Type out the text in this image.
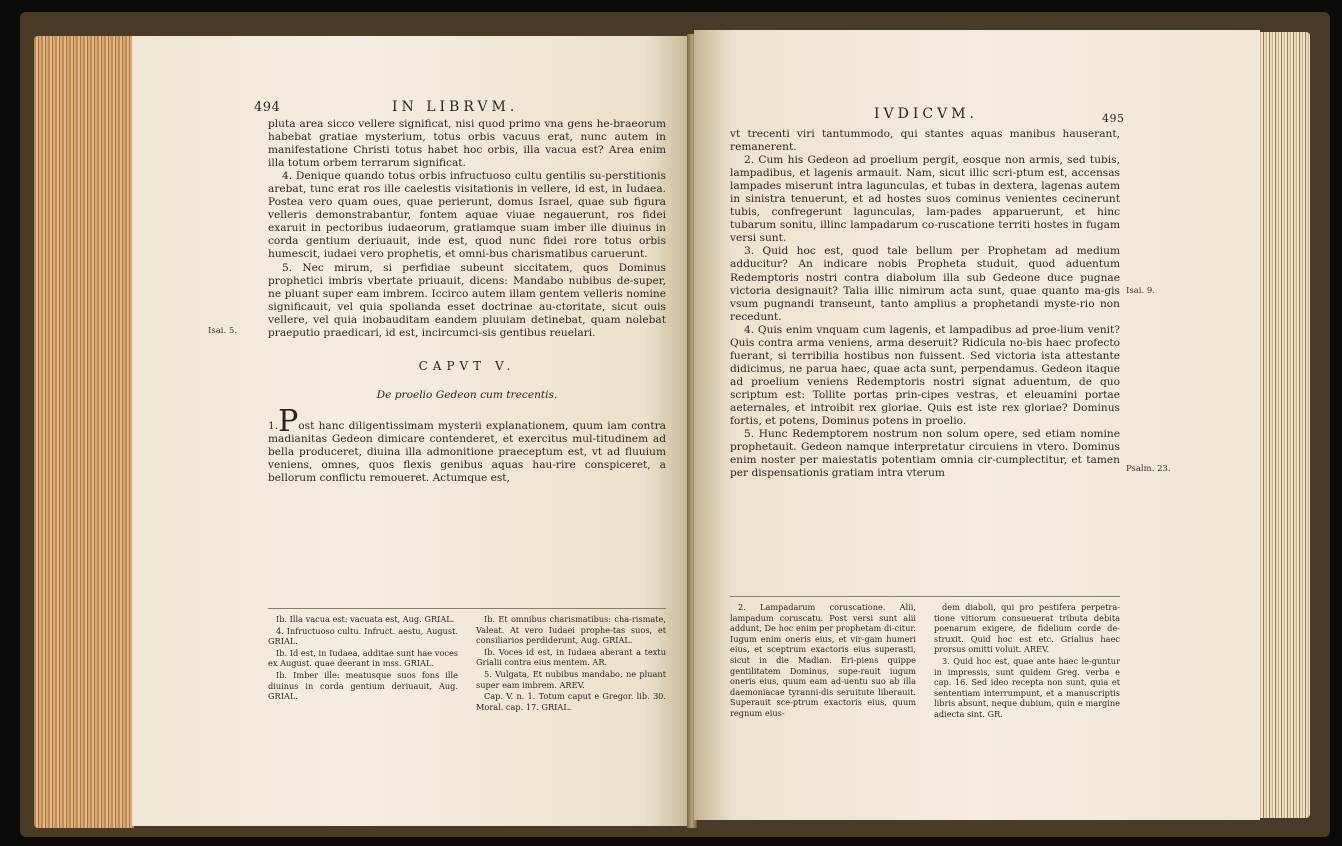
494	IN LIBRVM.

pluta area sicco vellere significat, nisi quod primo vna gens he-braeorum habebat gratiae mysterium, totus orbis vacuus erat, nunc autem in manifestatione Christi totus habet hoc orbis, illa vacua est? Area enim illa totum orbem terrarum significat.

4. Denique quando totus orbis infructuoso cultu gentilis su-perstitionis arebat, tunc erat ros ille caelestis visitationis in vellere, id est, in Iudaea. Postea vero quam oues, quae perierunt, domus Israel, quae sub figura velleris demonstrabantur, fontem aquae viuae negauerunt, ros fidei exaruit in pectoribus iudaeorum, gratiamque suam imber ille diuinus in corda gentium deriuauit, inde est, quod nunc fidei rore totus orbis humescit, iudaei vero prophetis, et omni-bus charismatibus caruerunt.

5. Nec mirum, si perfidiae subeunt siccitatem, quos Dominus prophetici imbris vbertate priuauit, dicens: Mandabo nubibus de-super, ne pluant super eam imbrem. Iccirco autem illam gentem velleris nomine significauit, vel quia spolianda esset doctrinae au-ctoritate, sicut ouis vellere, vel quia inobauditam eandem pluuiam detinebat, quam nolebat praeputio praedicari, id est, incircumci-sis gentibus reuelari.

CAPVT V.
De proelio Gedeon cum trecentis.

1.Post hanc diligentissimam mysterii explanationem, quum iam contra madianitas Gedeon dimicare contenderet, et exercitus mul-titudinem ad bella produceret, diuina illa admonitione praeceptum est, vt ad fluuium veniens, omnes, quos flexis genibus aquas hau-rire conspiceret, a bellorum conflictu remoueret. Actumque est,

Isai. 5.

Ib. Illa vacua est: vacuata est, Aug. GRIAL.

4. Infructuoso cultu. Infruct. aestu, August. GRIAL.

Ib. Id est, in Iudaea, additae sunt hae voces ex August. quae deerant in mss. GRIAL.

Ib. Imber ille: meatusque suos fons ille diuinus in corda gentium deriuauit, Aug. GRIAL.

Ib. Et omnibus charismatibus: cha-rismate, Valeat. At vero Iudaei prophe-tas suos, et consiliarios perdiderunt, Aug. GRIAL.

Ib. Voces id est, in Iudaea aberant a textu Grialii contra eius mentem. AR.

5. Vulgata, Et nubibus mandabo, ne pluant super eam imbrem. AREV.

Cap. V. n. 1. Totum caput e Gregor. lib. 30. Moral. cap. 17. GRIAL.

IVDICVM.	495

vt trecenti viri tantummodo, qui stantes aquas manibus hauserant, remanerent.

2. Cum his Gedeon ad proelium pergit, eosque non armis, sed tubis, lampadibus, et lagenis armauit. Nam, sicut illic scri-ptum est, accensas lampades miserunt intra lagunculas, et tubas in dextera, lagenas autem in sinistra tenuerunt, et ad hostes suos cominus venientes cecinerunt tubis, confregerunt lagunculas, lam-pades apparuerunt, et hinc tubarum sonitu, illinc lampadarum co-ruscatione territi hostes in fugam versi sunt.

3. Quid hoc est, quod tale bellum per Prophetam ad medium adducitur? An indicare nobis Propheta studuit, quod aduentum Redemptoris nostri contra diabolum illa sub Gedeone duce pugnae victoria designauit? Talia illic nimirum acta sunt, quae quanto ma-gis vsum pugnandi transeunt, tanto amplius a prophetandi myste-rio non recedunt.

4. Quis enim vnquam cum lagenis, et lampadibus ad proe-lium venit? Quis contra arma veniens, arma deseruit? Ridicula no-bis haec profecto fuerant, si terribilia hostibus non fuissent. Sed victoria ista attestante didicimus, ne parua haec, quae acta sunt, perpendamus. Gedeon itaque ad proelium veniens Redemptoris nostri signat aduentum, de quo scriptum est: Tollite portas prin-cipes vestras, et eleuamini portae aeternales, et introibit rex gloriae. Quis est iste rex gloriae? Dominus fortis, et potens, Dominus potens in proelio.

5. Hunc Redemptorem nostrum non solum opere, sed etiam nomine prophetauit. Gedeon namque interpretatur circuiens in vtero. Dominus enim noster per maiestatis potentiam omnia cir-cumplectitur, et tamen per dispensationis gratiam intra vterum

Isai. 9.
Psalm. 23.

2. Lampadarum coruscatione. Alii, lampadum coruscatu. Post versi sunt alii addunt, De hoc enim per prophetam di-citur. Iugum enim oneris eius, et vir-gam humeri eius, et sceptrum exactoris eius superasti, sicut in die Madian. Eri-piens quippe gentilitatem Dominus, supe-rauit iugum oneris eius, quum eam ad-uentu suo ab illa daemoniacae tyranni-dis seruitute liberauit. Superauit sce-ptrum exactoris eius, quum regnum eius-

dem diaboli, qui pro pestifera perpetra-tione vitiorum consueuerat tributa debita poenarum exigere, de fidelium corde de-struxit. Quid hoc est etc. Grialius haec prorsus omitti voluit. AREV.

3. Quid hoc est, quae ante haec le-guntur in impressis, sunt quidem Greg. verba e cap. 16. Sed ideo recepta non sunt, quia et sententiam interrumpunt, et a manuscriptis libris absunt, neque dubium, quin e margine adiecta sint. GR.
